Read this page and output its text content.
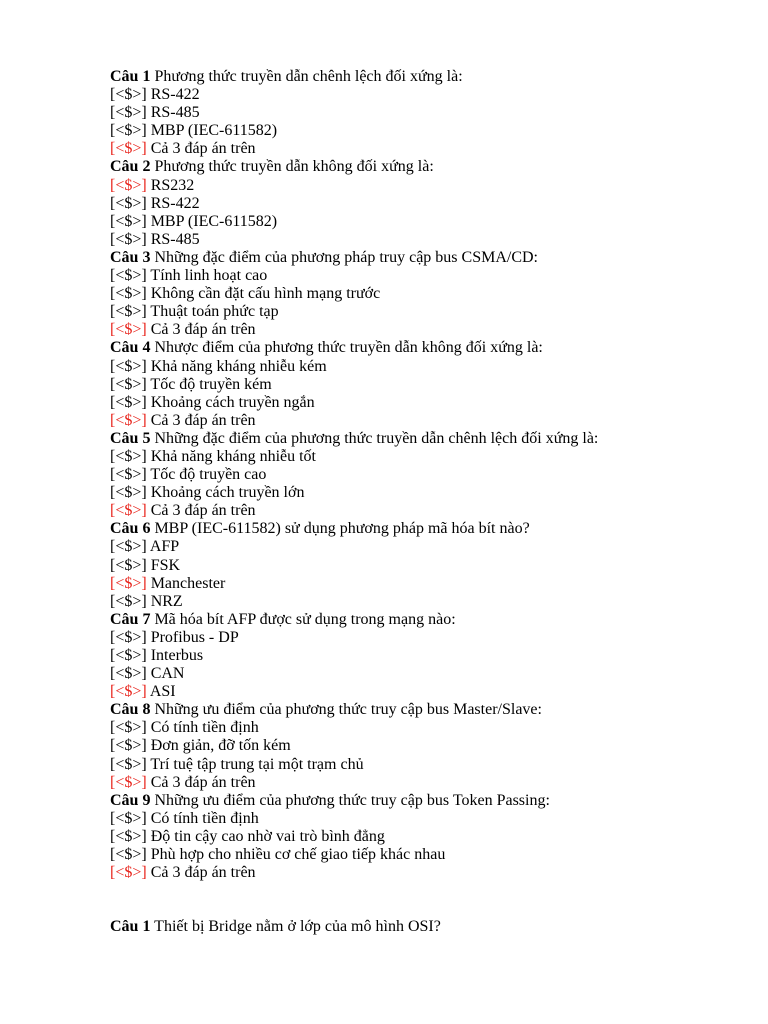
Câu 1 Phương thức truyền dẫn chênh lệch đối xứng là:
[<$>] RS-422
[<$>] RS-485
[<$>] MBP (IEC-611582)
[<$>] Cả 3 đáp án trên
Câu 2 Phương thức truyền dẫn không đối xứng là:
[<$>] RS232
[<$>] RS-422
[<$>] MBP (IEC-611582)
[<$>] RS-485
Câu 3 Những đặc điểm của phương pháp truy cập bus CSMA/CD:
[<$>] Tính linh hoạt cao
[<$>] Không cần đặt cấu hình mạng trước
[<$>] Thuật toán phức tạp
[<$>] Cả 3 đáp án trên
Câu 4 Nhược điểm của phương thức truyền dẫn không đối xứng là:
[<$>] Khả năng kháng nhiễu kém
[<$>] Tốc độ truyền kém
[<$>] Khoảng cách truyền ngắn
[<$>] Cả 3 đáp án trên
Câu 5 Những đặc điểm của phương thức truyền dẫn chênh lệch đối xứng là:
[<$>] Khả năng kháng nhiễu tốt
[<$>] Tốc độ truyền cao
[<$>] Khoảng cách truyền lớn
[<$>] Cả 3 đáp án trên
Câu 6 MBP (IEC-611582) sử dụng phương pháp mã hóa bít nào?
[<$>] AFP
[<$>] FSK
[<$>] Manchester
[<$>] NRZ
Câu 7 Mã hóa bít AFP được sử dụng trong mạng nào:
[<$>] Profibus - DP
[<$>] Interbus
[<$>] CAN
[<$>] ASI
Câu 8 Những ưu điểm của phương thức truy cập bus Master/Slave:
[<$>] Có tính tiền định
[<$>] Đơn giản, đỡ tốn kém
[<$>] Trí tuệ tập trung tại một trạm chủ
[<$>] Cả 3 đáp án trên
Câu 9 Những ưu điểm của phương thức truy cập bus Token Passing:
[<$>] Có tính tiền định
[<$>] Độ tin cậy cao nhờ vai trò bình đẳng
[<$>] Phù hợp cho nhiều cơ chế giao tiếp khác nhau
[<$>] Cả 3 đáp án trên
Câu 1 Thiết bị Bridge nằm ở lớp của mô hình OSI?
